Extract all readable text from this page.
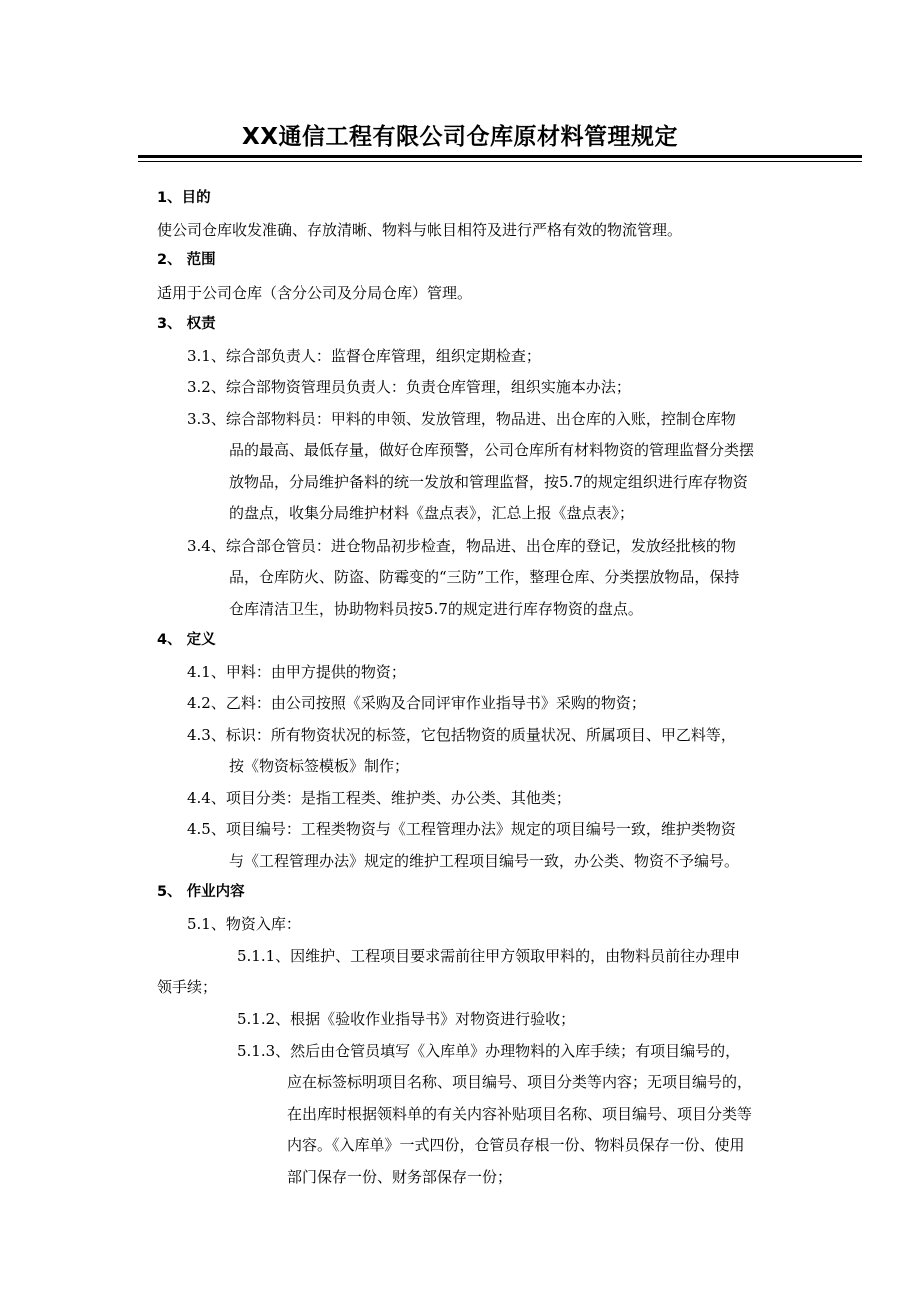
XX通信工程有限公司仓库原材料管理规定
1、目的
使公司仓库收发准确、存放清晰、物料与帐目相符及进行严格有效的物流管理。
2、 范围
适用于公司仓库（含分公司及分局仓库）管理。
3、 权责
3.1、综合部负责人：监督仓库管理，组织定期检查；
3.2、综合部物资管理员负责人：负责仓库管理，组织实施本办法；
3.3、综合部物料员：甲料的申领、发放管理，物品进、出仓库的入账，控制仓库物
品的最高、最低存量，做好仓库预警，公司仓库所有材料物资的管理监督分类摆
放物品，分局维护备料的统一发放和管理监督，按5.7的规定组织进行库存物资
的盘点，收集分局维护材料《盘点表》，汇总上报《盘点表》；
3.4、综合部仓管员：进仓物品初步检查，物品进、出仓库的登记，发放经批核的物
品，仓库防火、防盗、防霉变的“三防”工作，整理仓库、分类摆放物品，保持
仓库清洁卫生，协助物料员按5.7的规定进行库存物资的盘点。
4、 定义
4.1、甲料：由甲方提供的物资；
4.2、乙料：由公司按照《采购及合同评审作业指导书》采购的物资；
4.3、标识：所有物资状况的标签，它包括物资的质量状况、所属项目、甲乙料等，
按《物资标签模板》制作；
4.4、项目分类：是指工程类、维护类、办公类、其他类；
4.5、项目编号：工程类物资与《工程管理办法》规定的项目编号一致，维护类物资
与《工程管理办法》规定的维护工程项目编号一致，办公类、物资不予编号。
5、 作业内容
5.1、物资入库：
5.1.1、因维护、工程项目要求需前往甲方领取甲料的，由物料员前往办理申
领手续；
5.1.2、根据《验收作业指导书》对物资进行验收；
5.1.3、然后由仓管员填写《入库单》办理物料的入库手续；有项目编号的，
应在标签标明项目名称、项目编号、项目分类等内容；无项目编号的，
在出库时根据领料单的有关内容补贴项目名称、项目编号、项目分类等
内容。《入库单》一式四份，仓管员存根一份、物料员保存一份、使用
部门保存一份、财务部保存一份；
